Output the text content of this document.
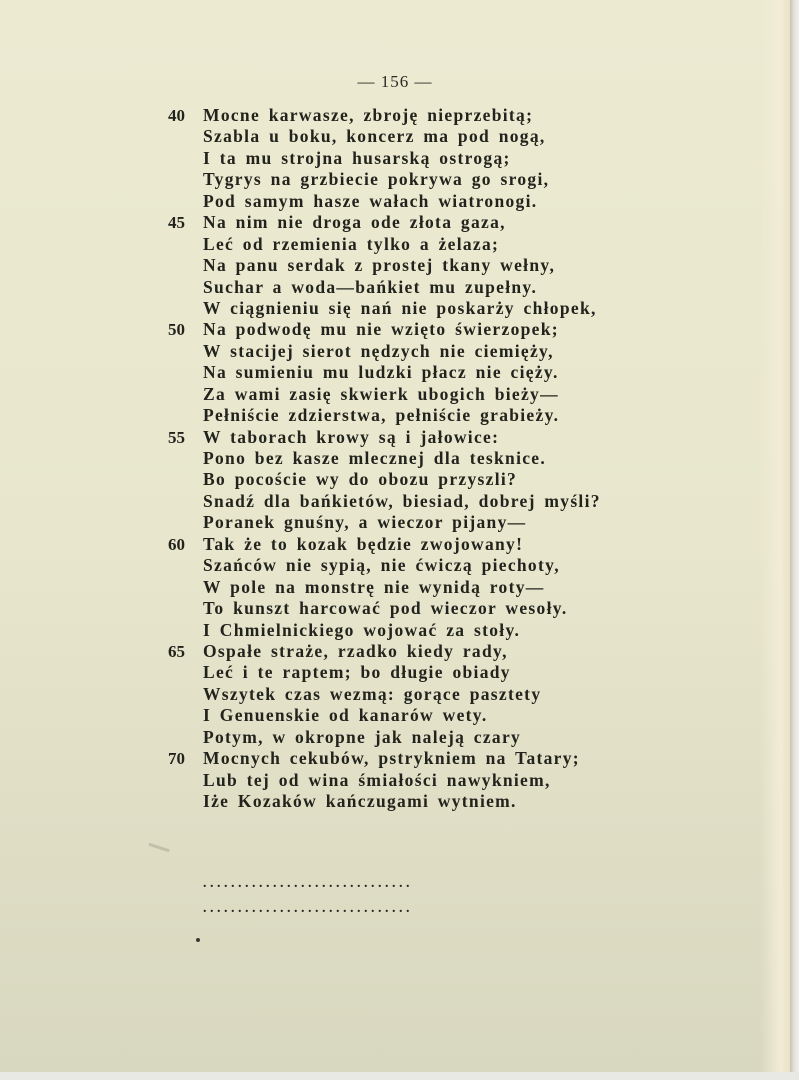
— 156 —
40 Mocne karwasze, zbroję nieprzebitą;
Szabla u boku, koncerz ma pod nogą,
I ta mu strojna husarską ostrogą;
Tygrys na grzbiecie pokrywa go srogi,
Pod samym hasze wałach wiatronogi.
45 Na nim nie droga ode złota gaza,
Leć od rzemienia tylko a żelaza;
Na panu serdak z prostej tkany wełny,
Suchar a woda—bańkiet mu zupełny.
W ciągnieniu się nań nie poskarży chłopek,
50 Na podwodę mu nie wzięto świerzopek;
W stacijej sierot nędzych nie ciemięży,
Na sumieniu mu ludzki płacz nie cięży.
Za wami zasię skwierk ubogich bieży—
Pełniście zdzierstwa, pełniście grabieży.
55 W taborach krowy są i jałowice:
Pono bez kasze mlecznej dla tesknice.
Bo pocoście wy do obozu przyszli?
Snadź dla bańkietów, biesiad, dobrej myśli?
Poranek gnuśny, a wieczor pijany—
60 Tak że to kozak będzie zwojowany!
Szańców nie sypią, nie ćwiczą piechoty,
W pole na monstrę nie wynidą roty—
To kunszt harcować pod wieczor wesoły.
I Chmielnickiego wojować za stoły.
65 Ospałe straże, rzadko kiedy rady,
Leć i te raptem; bo długie obiady
Wszytek czas wezmą: gorące pasztety
I Genuenskie od kanarów wety.
Potym, w okropne jak naleją czary
70 Mocnych cekubów, pstrykniem na Tatary;
Lub tej od wina śmiałości nawykniem,
Iże Kozaków kańczugami wytniem.
..............................
..............................
